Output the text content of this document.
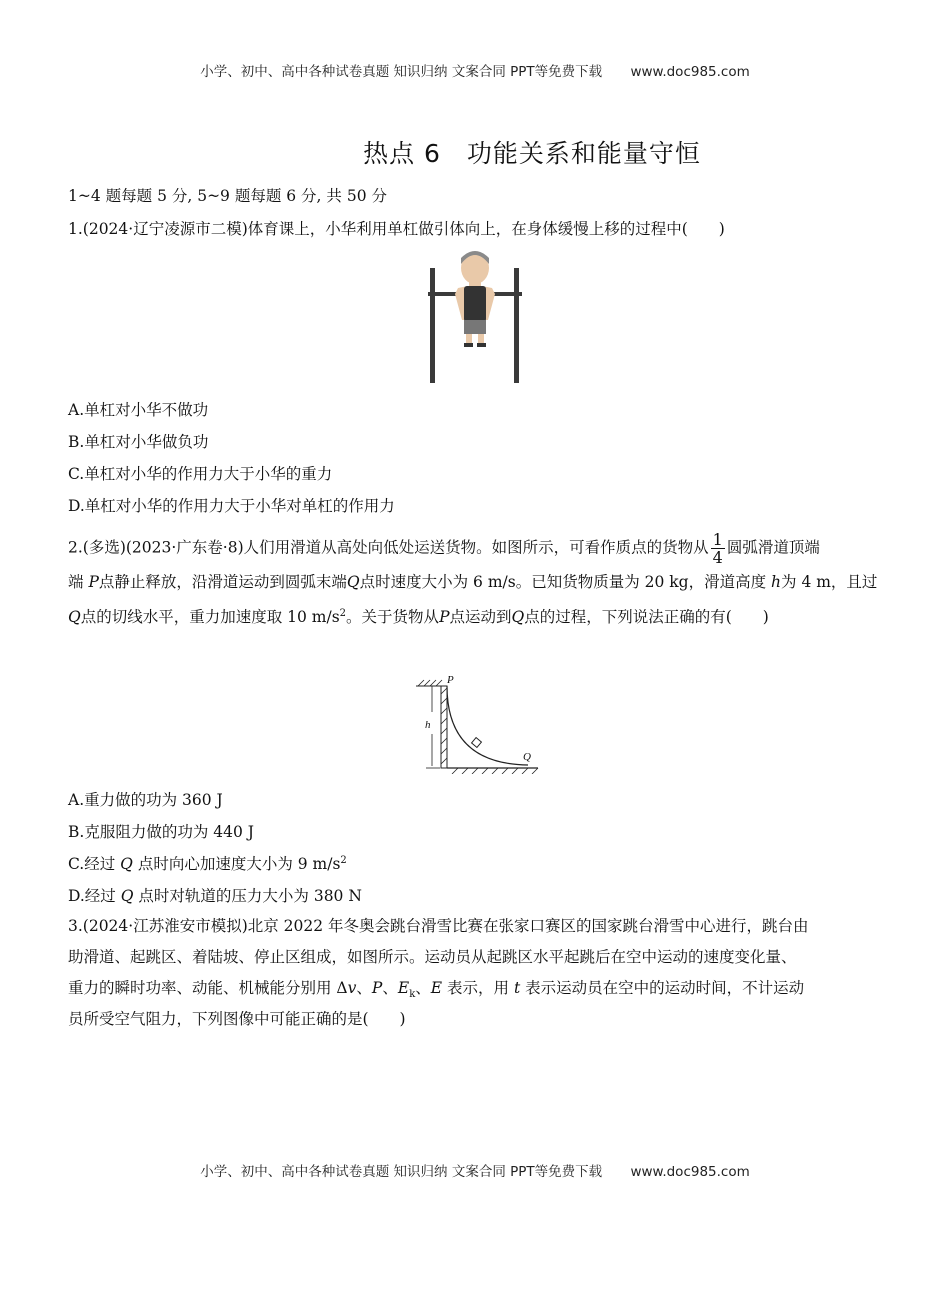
小学、初中、高中各种试卷真题 知识归纳 文案合同 PPT等免费下载 www.doc985.com
热点 6　功能关系和能量守恒
1~4 题每题 5 分, 5~9 题每题 6 分, 共 50 分
1.(2024·辽宁凌源市二模)体育课上，小华利用单杠做引体向上，在身体缓慢上移的过程中(　　)
A.单杠对小华不做功
B.单杠对小华做负功
C.单杠对小华的作用力大于小华的重力
D.单杠对小华的作用力大于小华对单杠的作用力
2.(多选)(2023·广东卷·8)人们用滑道从高处向低处运送货物。如图所示，可看作质点的货物从 $\frac{1}{4}$ 圆弧滑道顶端
端 P点静止释放，沿滑道运动到圆弧末端Q点时速度大小为 6 m/s。已知货物质量为 20 kg，滑道高度 h为 4 m，且过 Q点的切线水平，重力加速度取 10 $m/s^2$。关于货物从P点运动到Q点的过程，下列说法正确的有(　　)
P
h
Q
A.重力做的功为 360 J
B.克服阻力做的功为 440 J
C.经过 Q 点时向心加速度大小为 9 $m/s^2$
D.经过 Q 点时对轨道的压力大小为 380 N
3.(2024·江苏淮安市模拟)北京 2022 年冬奥会跳台滑雪比赛在张家口赛区的国家跳台滑雪中心进行，跳台由
助滑道、起跳区、着陆坡、停止区组成，如图所示。运动员从起跳区水平起跳后在空中运动的速度变化量、
重力的瞬时功率、动能、机械能分别用 Δv、P、$E_k$、E 表示，用 t 表示运动员在空中的运动时间，不计运动
员所受空气阻力，下列图像中可能正确的是(　　)
小学、初中、高中各种试卷真题 知识归纳 文案合同 PPT等免费下载 www.doc985.com
